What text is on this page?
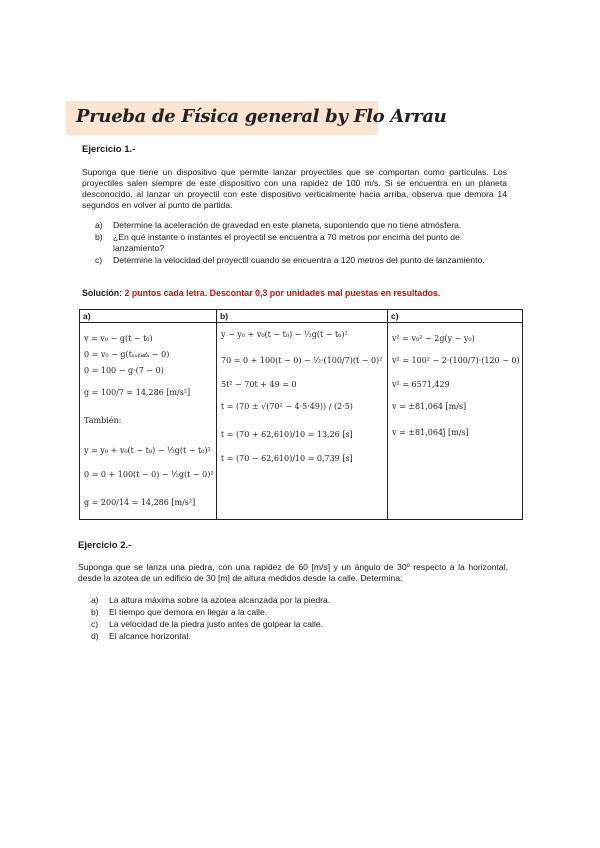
Prueba de Física general by Flo Arrau
Ejercicio 1.-
Suponga que tiene un dispositivo que permite lanzar proyectiles que se comportan como partículas. Los proyectiles salen siempre de este dispositivo con una rapidez de 100 m/s. Si se encuentra en un planeta desconocido, al lanzar un proyectil con este dispositivo verticalmente hacia arriba, observa que demora 14 segundos en volver al punto de partida.
a) Determine la aceleración de gravedad en este planeta, suponiendo que no tiene atmósfera.
b) ¿En qué instante o instantes el proyectil se encuentra a 70 metros por encima del punto de lanzamiento?
c) Determine la velocidad del proyectil cuando se encuentra a 120 metros del punto de lanzamiento.
Solución: 2 puntos cada letra. Descontar 0,3 por unidades mal puestas en resultados.
a)	b)	c)
v = v₀ − g(t − t₀)
0 = v₀ − g(tₛᵤᵦᵢ𝒹ₐ − 0)
0 = 100 − g·(7 − 0)
g = 100/7 = 14,286 [m/s²]
También:
y = y₀ + v₀(t − t₀) − ½g(t − t₀)²
0 = 0 + 100(t − 0) − ½g(t − 0)²
g = 200/14 = 14,286 [m/s²]
y − y₀ + v₀(t − t₀) − ½g(t − t₀)²
70 = 0 + 100(t − 0) − ½·(100/7)(t − 0)²
5t² − 70t + 49 = 0
t = (70 ± √(70² − 4·5·49)) / (2·5)
t = (70 + 62,610)/10 = 13,26 [s]
t = (70 − 62,610)/10 = 0,739 [s]
v² = v₀² − 2g(y − y₀)
v² = 100² − 2·(100/7)·(120 − 0)
v² = 6571,429
v = ±81,064 [m/s]
v = ±81,064ĵ [m/s]
Ejercicio 2.-
Suponga que se lanza una piedra, con una rapidez de 60 [m/s] y un ángulo de 30º respecto a la horizontal, desde la azotea de un edificio de 30 [m] de altura medidos desde la calle. Determina:
a) La altura máxima sobre la azotea alcanzada por la piedra.
b) El tiempo que demora en llegar a la calle.
c) La velocidad de la piedra justo antes de golpear la calle.
d) El alcance horizontal.
